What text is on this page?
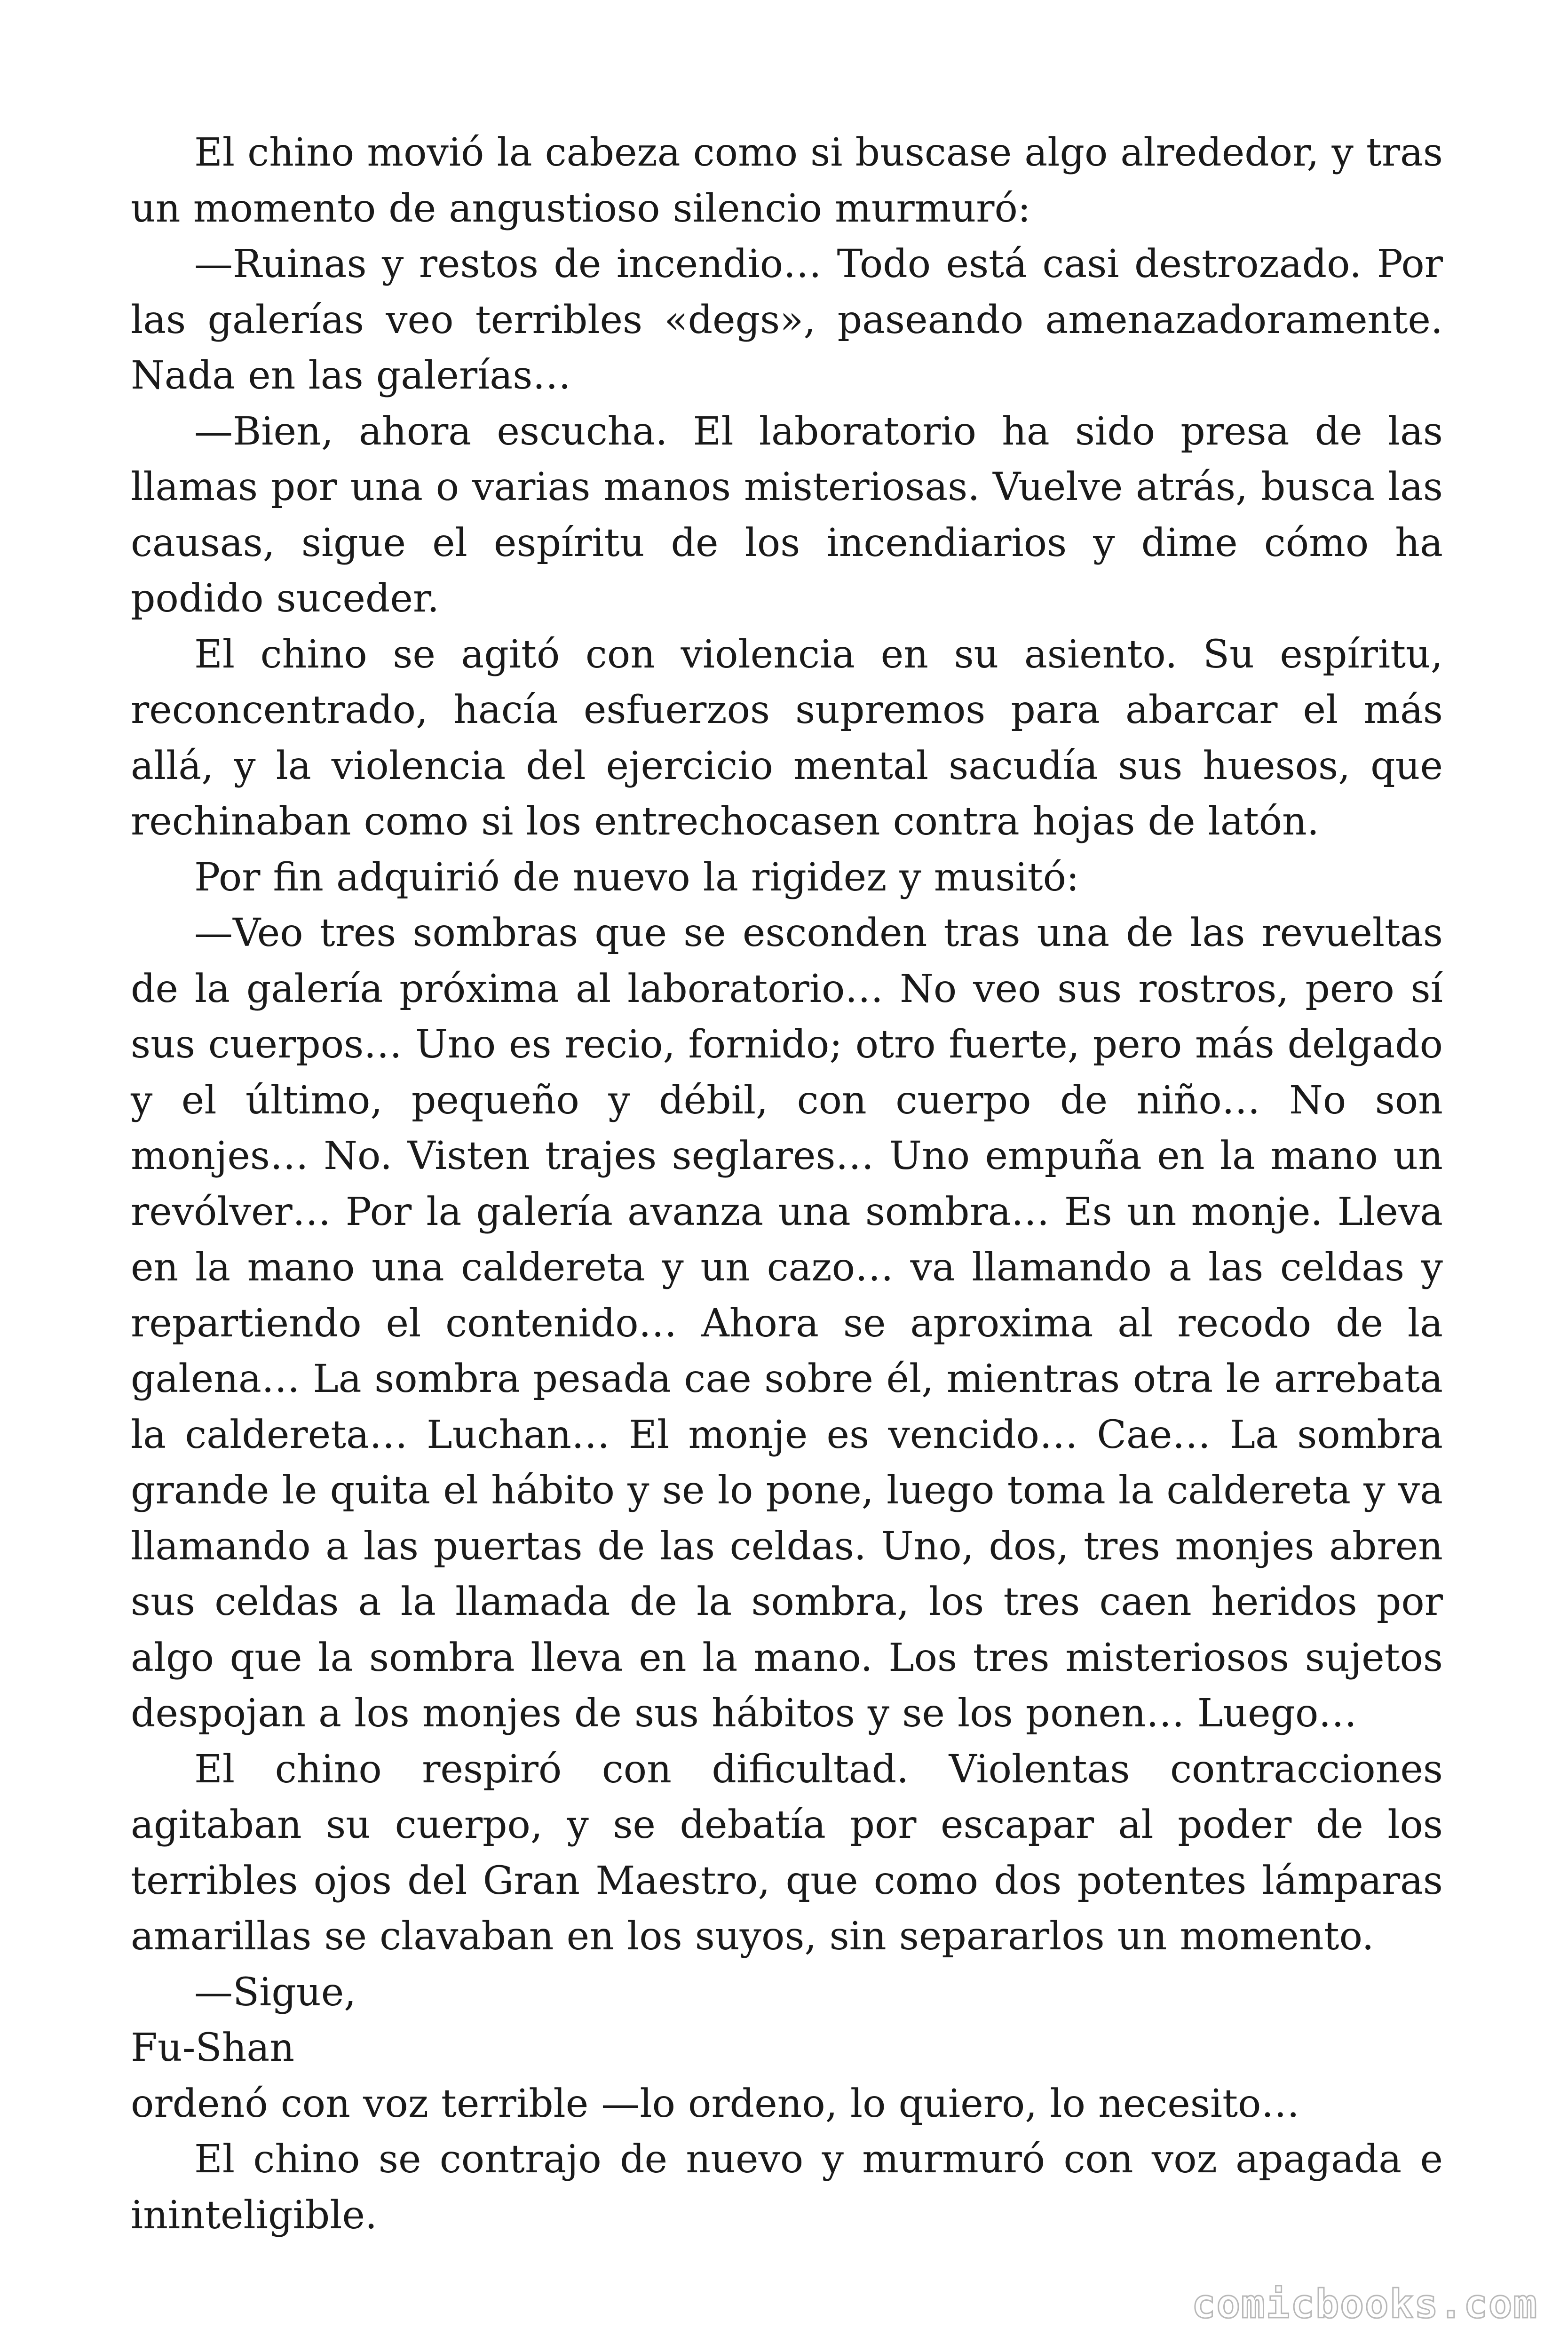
El chino movió la cabeza como si buscase algo alrededor, y tras un momento de angustioso silencio murmuró:

—Ruinas y restos de incendio… Todo está casi destrozado. Por las galerías veo terribles «degs», paseando amenazadoramente. Nada en las galerías…

—Bien, ahora escucha. El laboratorio ha sido presa de las llamas por una o varias manos misteriosas. Vuelve atrás, busca las causas, sigue el espíritu de los incendiarios y dime cómo ha podido suceder.

El chino se agitó con violencia en su asiento. Su espíritu, reconcentrado, hacía esfuerzos supremos para abarcar el más allá, y la violencia del ejercicio mental sacudía sus huesos, que rechinaban como si los entrechocasen contra hojas de latón.

Por fin adquirió de nuevo la rigidez y musitó:

—Veo tres sombras que se esconden tras una de las revueltas de la galería próxima al laboratorio… No veo sus rostros, pero sí sus cuerpos… Uno es recio, fornido; otro fuerte, pero más delgado y el último, pequeño y débil, con cuerpo de niño… No son monjes… No. Visten trajes seglares… Uno empuña en la mano un revólver… Por la galería avanza una sombra… Es un monje. Lleva en la mano una caldereta y un cazo… va llamando a las celdas y repartiendo el contenido… Ahora se aproxima al recodo de la galena… La sombra pesada cae sobre él, mientras otra le arrebata la caldereta… Luchan… El monje es vencido… Cae… La sombra grande le quita el hábito y se lo pone, luego toma la caldereta y va llamando a las puertas de las celdas. Uno, dos, tres monjes abren sus celdas a la llamada de la sombra, los tres caen heridos por algo que la sombra lleva en la mano. Los tres misteriosos sujetos despojan a los monjes de sus hábitos y se los ponen… Luego…

El chino respiró con dificultad. Violentas contracciones agitaban su cuerpo, y se debatía por escapar al poder de los terribles ojos del Gran Maestro, que como dos potentes lámparas amarillas se clavaban en los suyos, sin separarlos un momento.

—Sigue,

Fu-Shan

ordenó con voz terrible —lo ordeno, lo quiero, lo necesito…

El chino se contrajo de nuevo y murmuró con voz apagada e ininteligible.

comicbooks.com
